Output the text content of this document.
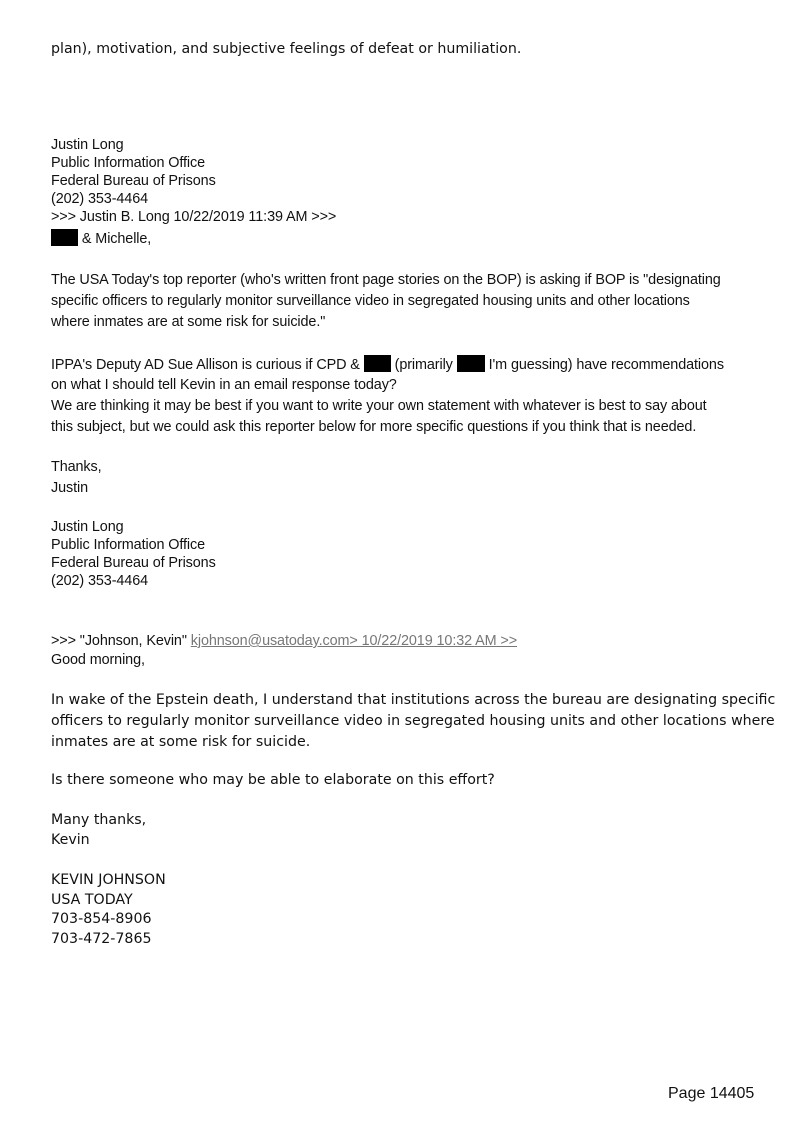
plan), motivation, and subjective feelings of defeat or humiliation.
Justin Long
Public Information Office
Federal Bureau of Prisons
(202) 353-4464
>>> Justin B. Long 10/22/2019 11:39 AM >>>
& Michelle,
The USA Today's top reporter (who's written front page stories on the BOP) is asking if BOP is "designating
specific officers to regularly monitor surveillance video in segregated housing units and other locations
where inmates are at some risk for suicide."
IPPA's Deputy AD Sue Allison is curious if CPD & (primarily I'm guessing) have recommendations
on what I should tell Kevin in an email response today?
We are thinking it may be best if you want to write your own statement with whatever is best to say about
this subject, but we could ask this reporter below for more specific questions if you think that is needed.
Thanks,
Justin
Justin Long
Public Information Office
Federal Bureau of Prisons
(202) 353-4464
>>> "Johnson, Kevin" kjohnson@usatoday.com> 10/22/2019 10:32 AM >>
Good morning,
In wake of the Epstein death, I understand that institutions across the bureau are designating specific
officers to regularly monitor surveillance video in segregated housing units and other locations where
inmates are at some risk for suicide.
Is there someone who may be able to elaborate on this effort?
Many thanks,
Kevin
KEVIN JOHNSON
USA TODAY
703-854-8906
703-472-7865
Page 14405
